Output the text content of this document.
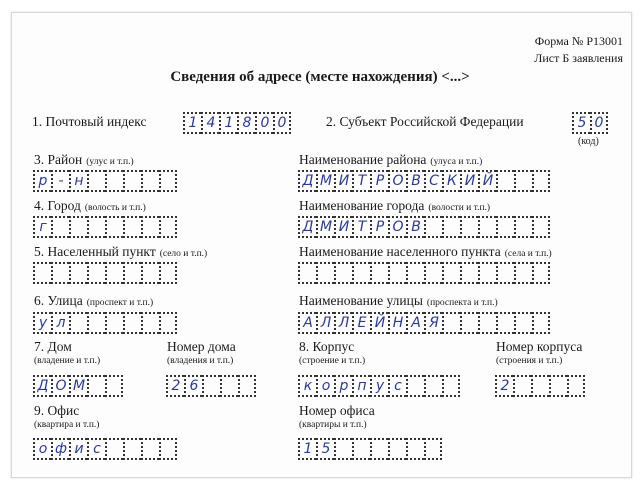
Форма № Р13001
Лист Б заявления
Сведения об адресе (месте нахождения) <...>
1. Почтовый индекс	1 4 1 8 0 0	2. Субъект Российской Федерации	5 0
(код)
3. Район (улус и т.п.)
р - н
Наименование района (улуса и т.п.)
Д М И Т Р О В С К И Й
4. Город (волость и т.п.)
г
Наименование города (волости и т.п.)
Д М И Т Р О В
5. Населенный пункт (село и т.п.)	Наименование населенного пункта (села и т.п.)
6. Улица (проспект и т.п.)
у л
Наименование улицы (проспекта и т.п.)
А Л Л Е Й Н А Я
7. Дом
(владение и т.п.)
Д О М
Номер дома
(владения и т.п.)
2 6
8. Корпус
(строение и т.п.)
к о р п у с
Номер корпуса
(строения и т.п.)
2
9. Офис
(квартира и т.п.)
о ф и с
Номер офиса
(квартиры и т.п.)
1 5
